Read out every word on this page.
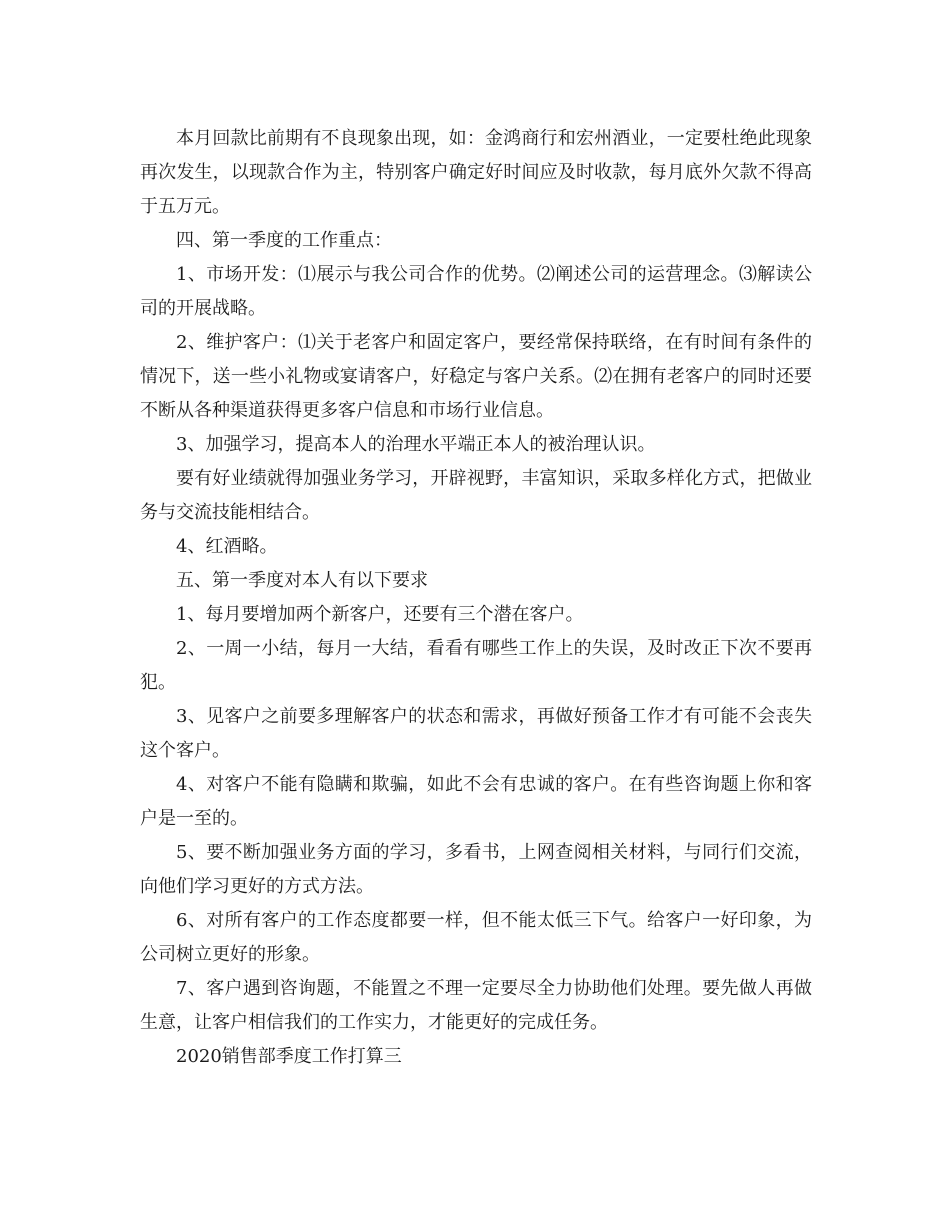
本月回款比前期有不良现象出现，如：金鸿商行和宏州酒业，一定要杜绝此现象再次发生，以现款合作为主，特别客户确定好时间应及时收款，每月底外欠款不得高于五万元。

四、第一季度的工作重点：

1、市场开发：⑴展示与我公司合作的优势。⑵阐述公司的运营理念。⑶解读公司的开展战略。

2、维护客户：⑴关于老客户和固定客户，要经常保持联络，在有时间有条件的情况下，送一些小礼物或宴请客户，好稳定与客户关系。⑵在拥有老客户的同时还要不断从各种渠道获得更多客户信息和市场行业信息。

3、加强学习，提高本人的治理水平端正本人的被治理认识。

要有好业绩就得加强业务学习，开辟视野，丰富知识，采取多样化方式，把做业务与交流技能相结合。

4、红酒略。

五、第一季度对本人有以下要求

1、每月要增加两个新客户，还要有三个潜在客户。

2、一周一小结，每月一大结，看看有哪些工作上的失误，及时改正下次不要再犯。

3、见客户之前要多理解客户的状态和需求，再做好预备工作才有可能不会丧失这个客户。

4、对客户不能有隐瞒和欺骗，如此不会有忠诚的客户。在有些咨询题上你和客户是一至的。

5、要不断加强业务方面的学习，多看书，上网查阅相关材料，与同行们交流，向他们学习更好的方式方法。

6、对所有客户的工作态度都要一样，但不能太低三下气。给客户一好印象，为公司树立更好的形象。

7、客户遇到咨询题，不能置之不理一定要尽全力协助他们处理。要先做人再做生意，让客户相信我们的工作实力，才能更好的完成任务。

2020销售部季度工作打算三
